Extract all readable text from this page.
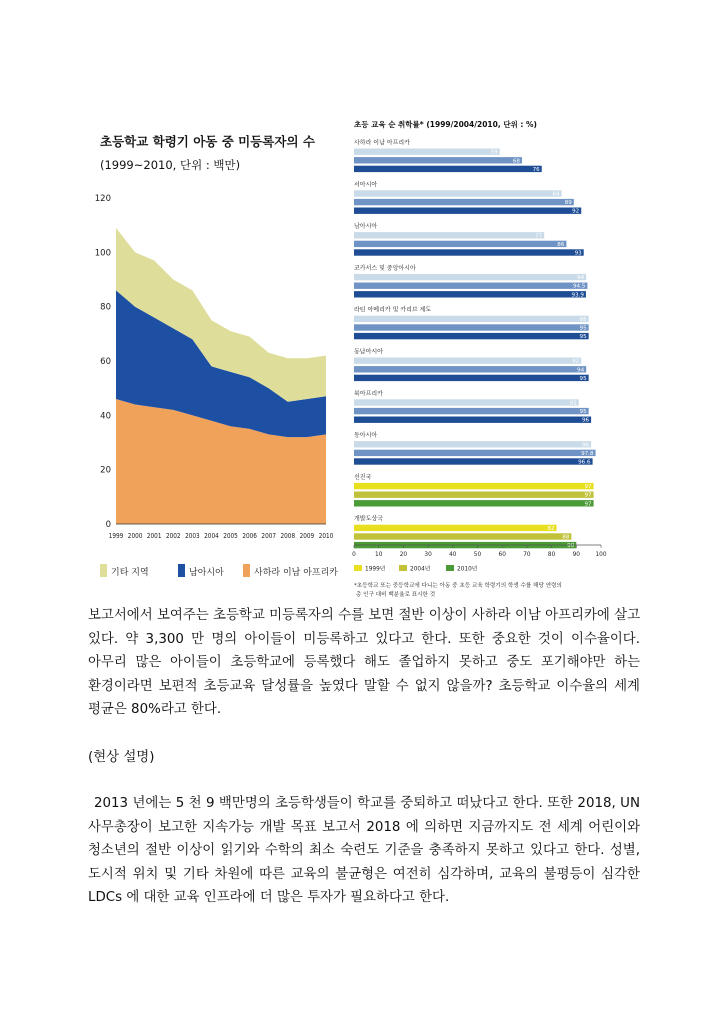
초등학교 학령기 아동 중 미등록자의 수
(1999~2010, 단위 : 백만)
0
20
40
60
80
100
120
1999 2000 2001 2002 2003 2004 2005 2006 2007 2008 2009 2010
기타 지역	남아시아	사하라 이남 아프리카
초등 교육 순 취학률* (1999/2004/2010, 단위 : %)
사하라 이남 아프리카
59
68
76
서아시아
84
89
92
남아시아
77
86
93
코카서스 및 중앙아시아
94
94.5
93.9
라틴 아메리카 및 카리브 제도
95
95
95
동남아시아
92
94
95
북아프리카
91
95
96
동아시아
96
97.8
96.6
선진국
97
97
97
개발도상국
82
88
90
0	10	20	30	40	50	60	70	80	90	100
1999년	2004년	2010년
*초등학교 또는 중등학교에 다니는 아동 중 초등 교육 학령기의 학생 수를 해당 연령의
총 인구 대비 백분율로 표시한 것

보고서에서 보여주는 초등학교 미등록자의 수를 보면 절반 이상이 사하라 이남 아프리카에 살고 있다. 약 3,300 만 명의 아이들이 미등록하고 있다고 한다. 또한 중요한 것이 이수율이다. 아무리 많은 아이들이 초등학교에 등록했다 해도 졸업하지 못하고 중도 포기해야만 하는 환경이라면 보편적 초등교육 달성률을 높였다 말할 수 없지 않을까? 초등학교 이수율의 세계 평균은 80%라고 한다.

(현상 설명)

2013 년에는 5 천 9 백만명의 초등학생들이 학교를 중퇴하고 떠났다고 한다. 또한 2018, UN 사무총장이 보고한 지속가능 개발 목표 보고서 2018 에 의하면 지금까지도 전 세계 어린이와 청소년의 절반 이상이 읽기와 수학의 최소 숙련도 기준을 충족하지 못하고 있다고 한다. 성별, 도시적 위치 및 기타 차원에 따른 교육의 불균형은 여전히 심각하며, 교육의 불평등이 심각한 LDCs 에 대한 교육 인프라에 더 많은 투자가 필요하다고 한다.
